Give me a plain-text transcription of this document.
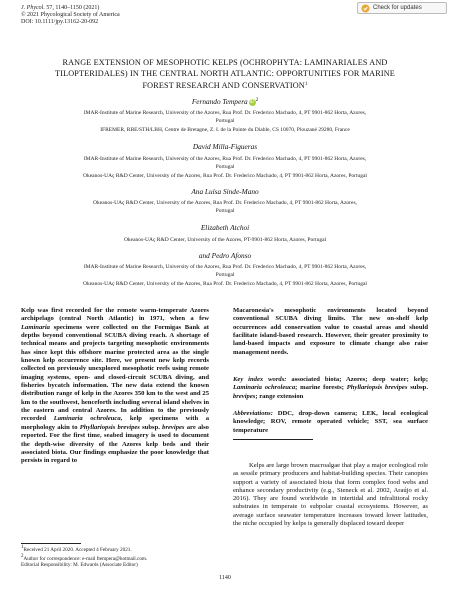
J. Phycol. 57, 1140–1150 (2021)
© 2021 Phycological Society of America
DOI: 10.1111/jpy.13162-20-092
Check for updates
RANGE EXTENSION OF MESOPHOTIC KELPS (OCHROPHYTA: LAMINARIALES AND
TILOPTERIDALES) IN THE CENTRAL NORTH ATLANTIC: OPPORTUNITIES FOR MARINE
FOREST RESEARCH AND CONSERVATION$^1$
Fernando Tempera $iD^2$
IMAR-Institute of Marine Research, University of the Azores, Rua Prof. Dr. Frederico Machado, 4, PT 9901-862 Horta, Azores,
Portugal
IFREMER, RBE/STH/LBH, Centre de Bretagne, Z. I. de la Pointe du Diable, CS 10070, Plouzané 29280, France
David Milla-Figueras
IMAR-Institute of Marine Research, University of the Azores, Rua Prof. Dr. Frederico Machado, 4, PT 9901-862 Horta, Azores,
Portugal
Okeanos-UAç R&D Center, University of the Azores, Rua Prof. Dr. Frederico Machado, 4, PT 9901-862 Horta, Azores, Portugal
Ana Luísa Sinde-Mano
Okeanos-UAç R&D Center, University of the Azores, Rua Prof. Dr. Frederico Machado, 4, PT 9901-862 Horta, Azores,
Portugal
Elizabeth Atchoi
Okeanos-UAç R&D Center, University of the Azores, PT-9901-862 Horta, Azores, Portugal
and Pedro Afonso
IMAR-Institute of Marine Research, University of the Azores, Rua Prof. Dr. Frederico Machado, 4, PT 9901-862 Horta, Azores,
Portugal
Okeanos-UAç R&D Center, University of the Azores, Rua Prof. Dr. Frederico Machado, 4, PT 9901-862 Horta, Azores, Portugal
Kelp was first recorded for the remote warm-temperate Azores archipelago (central North Atlantic) in 1971, when a few Laminaria specimens were collected on the Formigas Bank at depths beyond conventional SCUBA diving reach. A shortage of technical means and projects targeting mesophotic environments has since kept this offshore marine protected area as the single known kelp occurrence site. Here, we present new kelp records collected on previously unexplored mesophotic reefs using remote imaging systems, open- and closed-circuit SCUBA diving, and fisheries bycatch information. The new data extend the known distribution range of kelp in the Azores 350 km to the west and 25 km to the southwest, henceforth including several island shelves in the eastern and central Azores. In addition to the previously recorded Laminaria ochroleuca, kelp specimens with a morphology akin to Phyllariopsis brevipes subsp. brevipes are also reported. For the first time, seabed imagery is used to document the depth-wise diversity of the Azores kelp beds and their associated biota. Our findings emphasize the poor knowledge that persists in regard to
Macaronesia's mesophotic environments located beyond conventional SCUBA diving limits. The new on-shelf kelp occurrences add conservation value to coastal areas and should facilitate island-based research. However, their greater proximity to land-based impacts and exposure to climate change also raise management needs.
Key index words: associated biota; Azores; deep water; kelp; Laminaria ochroleuca; marine forests; Phyllariopsis brevipes subsp. brevipes; range extension
Abbreviations: DDC, drop-down camera; LEK, local ecological knowledge; ROV, remote operated vehicle; SST, sea surface temperature
Kelps are large brown macroalgae that play a major ecological role as sessile primary producers and habitat-building species. Their canopies support a variety of associated biota that form complex food webs and enhance secondary productivity (e.g., Steneck et al. 2002, Araújo et al. 2016). They are found worldwide in intertidal and infralittoral rocky substrates in temperate to subpolar coastal ecosystems. However, as average surface seawater temperature increases toward lower latitudes, the niche occupied by kelps is generally displaced toward deeper
1Received 21 April 2020. Accepted 4 February 2021.
2Author for correspondence: e-mail ftempera@hotmail.com.
Editorial Responsibility: M. Edwards (Associate Editor)
1140
